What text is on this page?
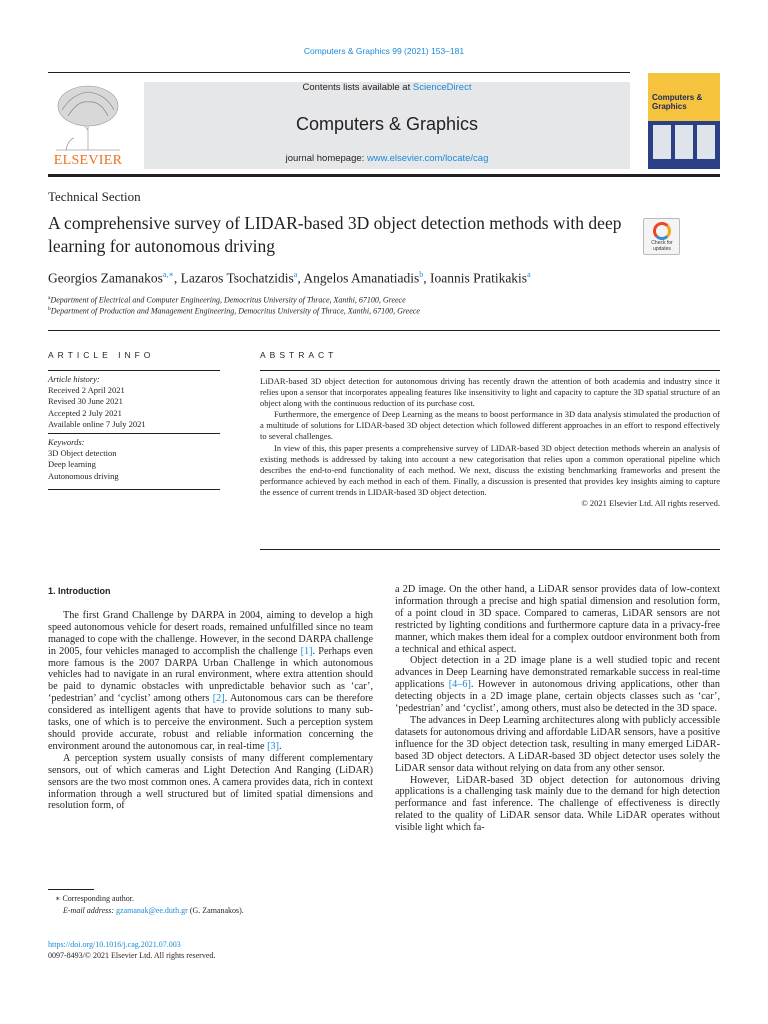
Computers & Graphics 99 (2021) 153–181
ELSEVIER
Contents lists available at ScienceDirect
Computers & Graphics
journal homepage: www.elsevier.com/locate/cag
Computers & Graphics
Technical Section
A comprehensive survey of LIDAR-based 3D object detection methods with deep learning for autonomous driving	Check for updates
Georgios Zamanakos$^{a,∗}$, Lazaros Tsochatzidis$^a$, Angelos Amanatiadis$^b$, Ioannis Pratikakis$^a$
$^a$Department of Electrical and Computer Engineering, Democritus University of Thrace, Xanthi, 67100, Greece
$^b$Department of Production and Management Engineering, Democritus University of Thrace, Xanthi, 67100, Greece
ARTICLE INFO
Article history:
Received 2 April 2021
Revised 30 June 2021
Accepted 2 July 2021
Available online 7 July 2021
Keywords:
3D Object detection
Deep learning
Autonomous driving
ABSTRACT

LiDAR-based 3D object detection for autonomous driving has recently drawn the attention of both academia and industry since it relies upon a sensor that incorporates appealing features like insensitivity to light and capacity to capture the 3D spatial structure of an object along with the continuous reduction of its purchase cost.

Furthermore, the emergence of Deep Learning as the means to boost performance in 3D data analysis stimulated the production of a multitude of solutions for LIDAR-based 3D object detection which followed different approaches in an effort to respond effectively to several challenges.

In view of this, this paper presents a comprehensive survey of LIDAR-based 3D object detection methods wherein an analysis of existing methods is addressed by taking into account a new categorisation that relies upon a common operational pipeline which describes the end-to-end functionality of each method. We next, discuss the existing benchmarking frameworks and present the performance achieved by each method in each of them. Finally, a discussion is presented that provides key insights aiming to capture the essence of current trends in LIDAR-based 3D object detection.

© 2021 Elsevier Ltd. All rights reserved.

1. Introduction

The first Grand Challenge by DARPA in 2004, aiming to develop a high speed autonomous vehicle for desert roads, remained unfulfilled since no team managed to cope with the challenge. However, in the second DARPA challenge in 2005, four vehicles managed to accomplish the challenge [1]. Perhaps even more famous is the 2007 DARPA Urban Challenge in which autonomous vehicles had to navigate in an rural environment, where extra attention should be paid to dynamic obstacles with unpredictable behavior such as ‘car’, ‘pedestrian’ and ‘cyclist’ among others [2]. Autonomous cars can be therefore considered as intelligent agents that have to provide solutions to many sub-tasks, one of which is to perceive the environment. Such a perception system should provide accurate, robust and reliable information concerning the environment around the autonomous car, in real-time [3].

A perception system usually consists of many different complementary sensors, out of which cameras and Light Detection And Ranging (LiDAR) sensors are the two most common ones. A camera provides data, rich in context information through a well structured but of limited spatial dimensions and resolution form, of

a 2D image. On the other hand, a LiDAR sensor provides data of low-context information through a precise and high spatial dimension and resolution form, of a point cloud in 3D space. Compared to cameras, LiDAR sensors are not restricted by lighting conditions and furthermore capture data in a privacy-free manner, which makes them ideal for a complex outdoor environment both from a technical and ethical aspect.

Object detection in a 2D image plane is a well studied topic and recent advances in Deep Learning have demonstrated remarkable success in real-time applications [4–6]. However in autonomous driving applications, other than detecting objects in a 2D image plane, certain objects classes such as ‘car’, ‘pedestrian’ and ‘cyclist’, among others, must also be detected in the 3D space.

The advances in Deep Learning architectures along with publicly accessible datasets for autonomous driving and affordable LiDAR sensors, have a positive influence for the 3D object detection task, resulting in many emerged LiDAR-based 3D object detectors. A LiDAR-based 3D object detector uses solely the LiDAR sensor data without relying on data from any other sensor.

However, LiDAR-based 3D object detection for autonomous driving applications is a challenging task mainly due to the demand for high detection performance and fast inference. The challenge of effectiveness is directly related to the quality of LiDAR sensor data. While LiDAR operates without visible light which fa-

∗ Corresponding author.
E-mail address: gzamanak@ee.duth.gr (G. Zamanakos).
https://doi.org/10.1016/j.cag.2021.07.003
0097-8493/© 2021 Elsevier Ltd. All rights reserved.
